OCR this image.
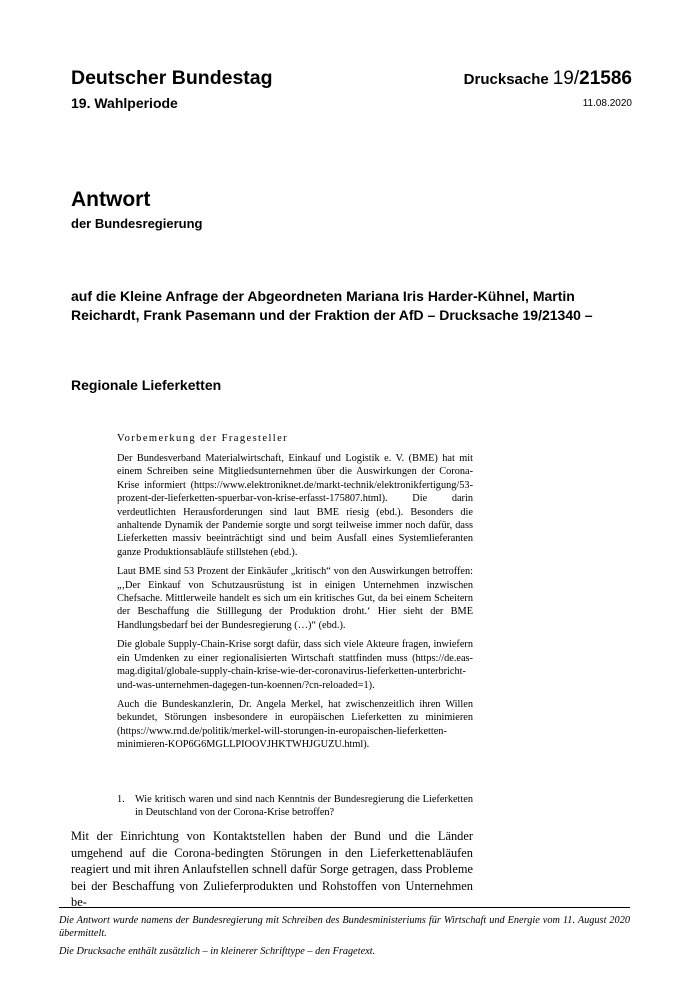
Deutscher Bundestag
19. Wahlperiode
Drucksache 19/21586
11.08.2020
Antwort
der Bundesregierung
auf die Kleine Anfrage der Abgeordneten Mariana Iris Harder-Kühnel, Martin Reichardt, Frank Pasemann und der Fraktion der AfD – Drucksache 19/21340 –
Regionale Lieferketten
Vorbemerkung der Fragesteller

Der Bundesverband Materialwirtschaft, Einkauf und Logistik e. V. (BME) hat mit einem Schreiben seine Mitgliedsunternehmen über die Auswirkungen der Corona-Krise informiert (https://www.elektroniknet.de/markt-technik/elektronikfertigung/53-prozent-der-lieferketten-spuerbar-von-krise-erfasst-175807.html). Die darin verdeutlichten Herausforderungen sind laut BME riesig (ebd.). Besonders die anhaltende Dynamik der Pandemie sorgte und sorgt teilweise immer noch dafür, dass Lieferketten massiv beeinträchtigt sind und beim Ausfall eines Systemlieferanten ganze Produktionsabläufe stillstehen (ebd.).

Laut BME sind 53 Prozent der Einkäufer „kritisch“ von den Auswirkungen betroffen: „‚Der Einkauf von Schutzausrüstung ist in einigen Unternehmen inzwischen Chefsache. Mittlerweile handelt es sich um ein kritisches Gut, da bei einem Scheitern der Beschaffung die Stilllegung der Produktion droht.‘ Hier sieht der BME Handlungsbedarf bei der Bundesregierung (…)“ (ebd.).

Die globale Supply-Chain-Krise sorgt dafür, dass sich viele Akteure fragen, inwiefern ein Umdenken zu einer regionalisierten Wirtschaft stattfinden muss (https://de.eas-mag.digital/globale-supply-chain-krise-wie-der-coronavirus-lieferketten-unterbricht-und-was-unternehmen-dagegen-tun-koennen/?cn-reloaded=1).

Auch die Bundeskanzlerin, Dr. Angela Merkel, hat zwischenzeitlich ihren Willen bekundet, Störungen insbesondere in europäischen Lieferketten zu minimieren (https://www.rnd.de/politik/merkel-will-storungen-in-europaischen-lieferketten-minimieren-KOP6G6MGLLPIOOVJHKTWHJGUZU.html).

1. Wie kritisch waren und sind nach Kenntnis der Bundesregierung die Lieferketten in Deutschland von der Corona-Krise betroffen?
Mit der Einrichtung von Kontaktstellen haben der Bund und die Länder umgehend auf die Corona-bedingten Störungen in den Lieferkettenabläufen reagiert und mit ihren Anlaufstellen schnell dafür Sorge getragen, dass Probleme bei der Beschaffung von Zulieferprodukten und Rohstoffen von Unternehmen be-
Die Antwort wurde namens der Bundesregierung mit Schreiben des Bundesministeriums für Wirtschaft und Energie vom 11. August 2020 übermittelt.
Die Drucksache enthält zusätzlich – in kleinerer Schrifttype – den Fragetext.
